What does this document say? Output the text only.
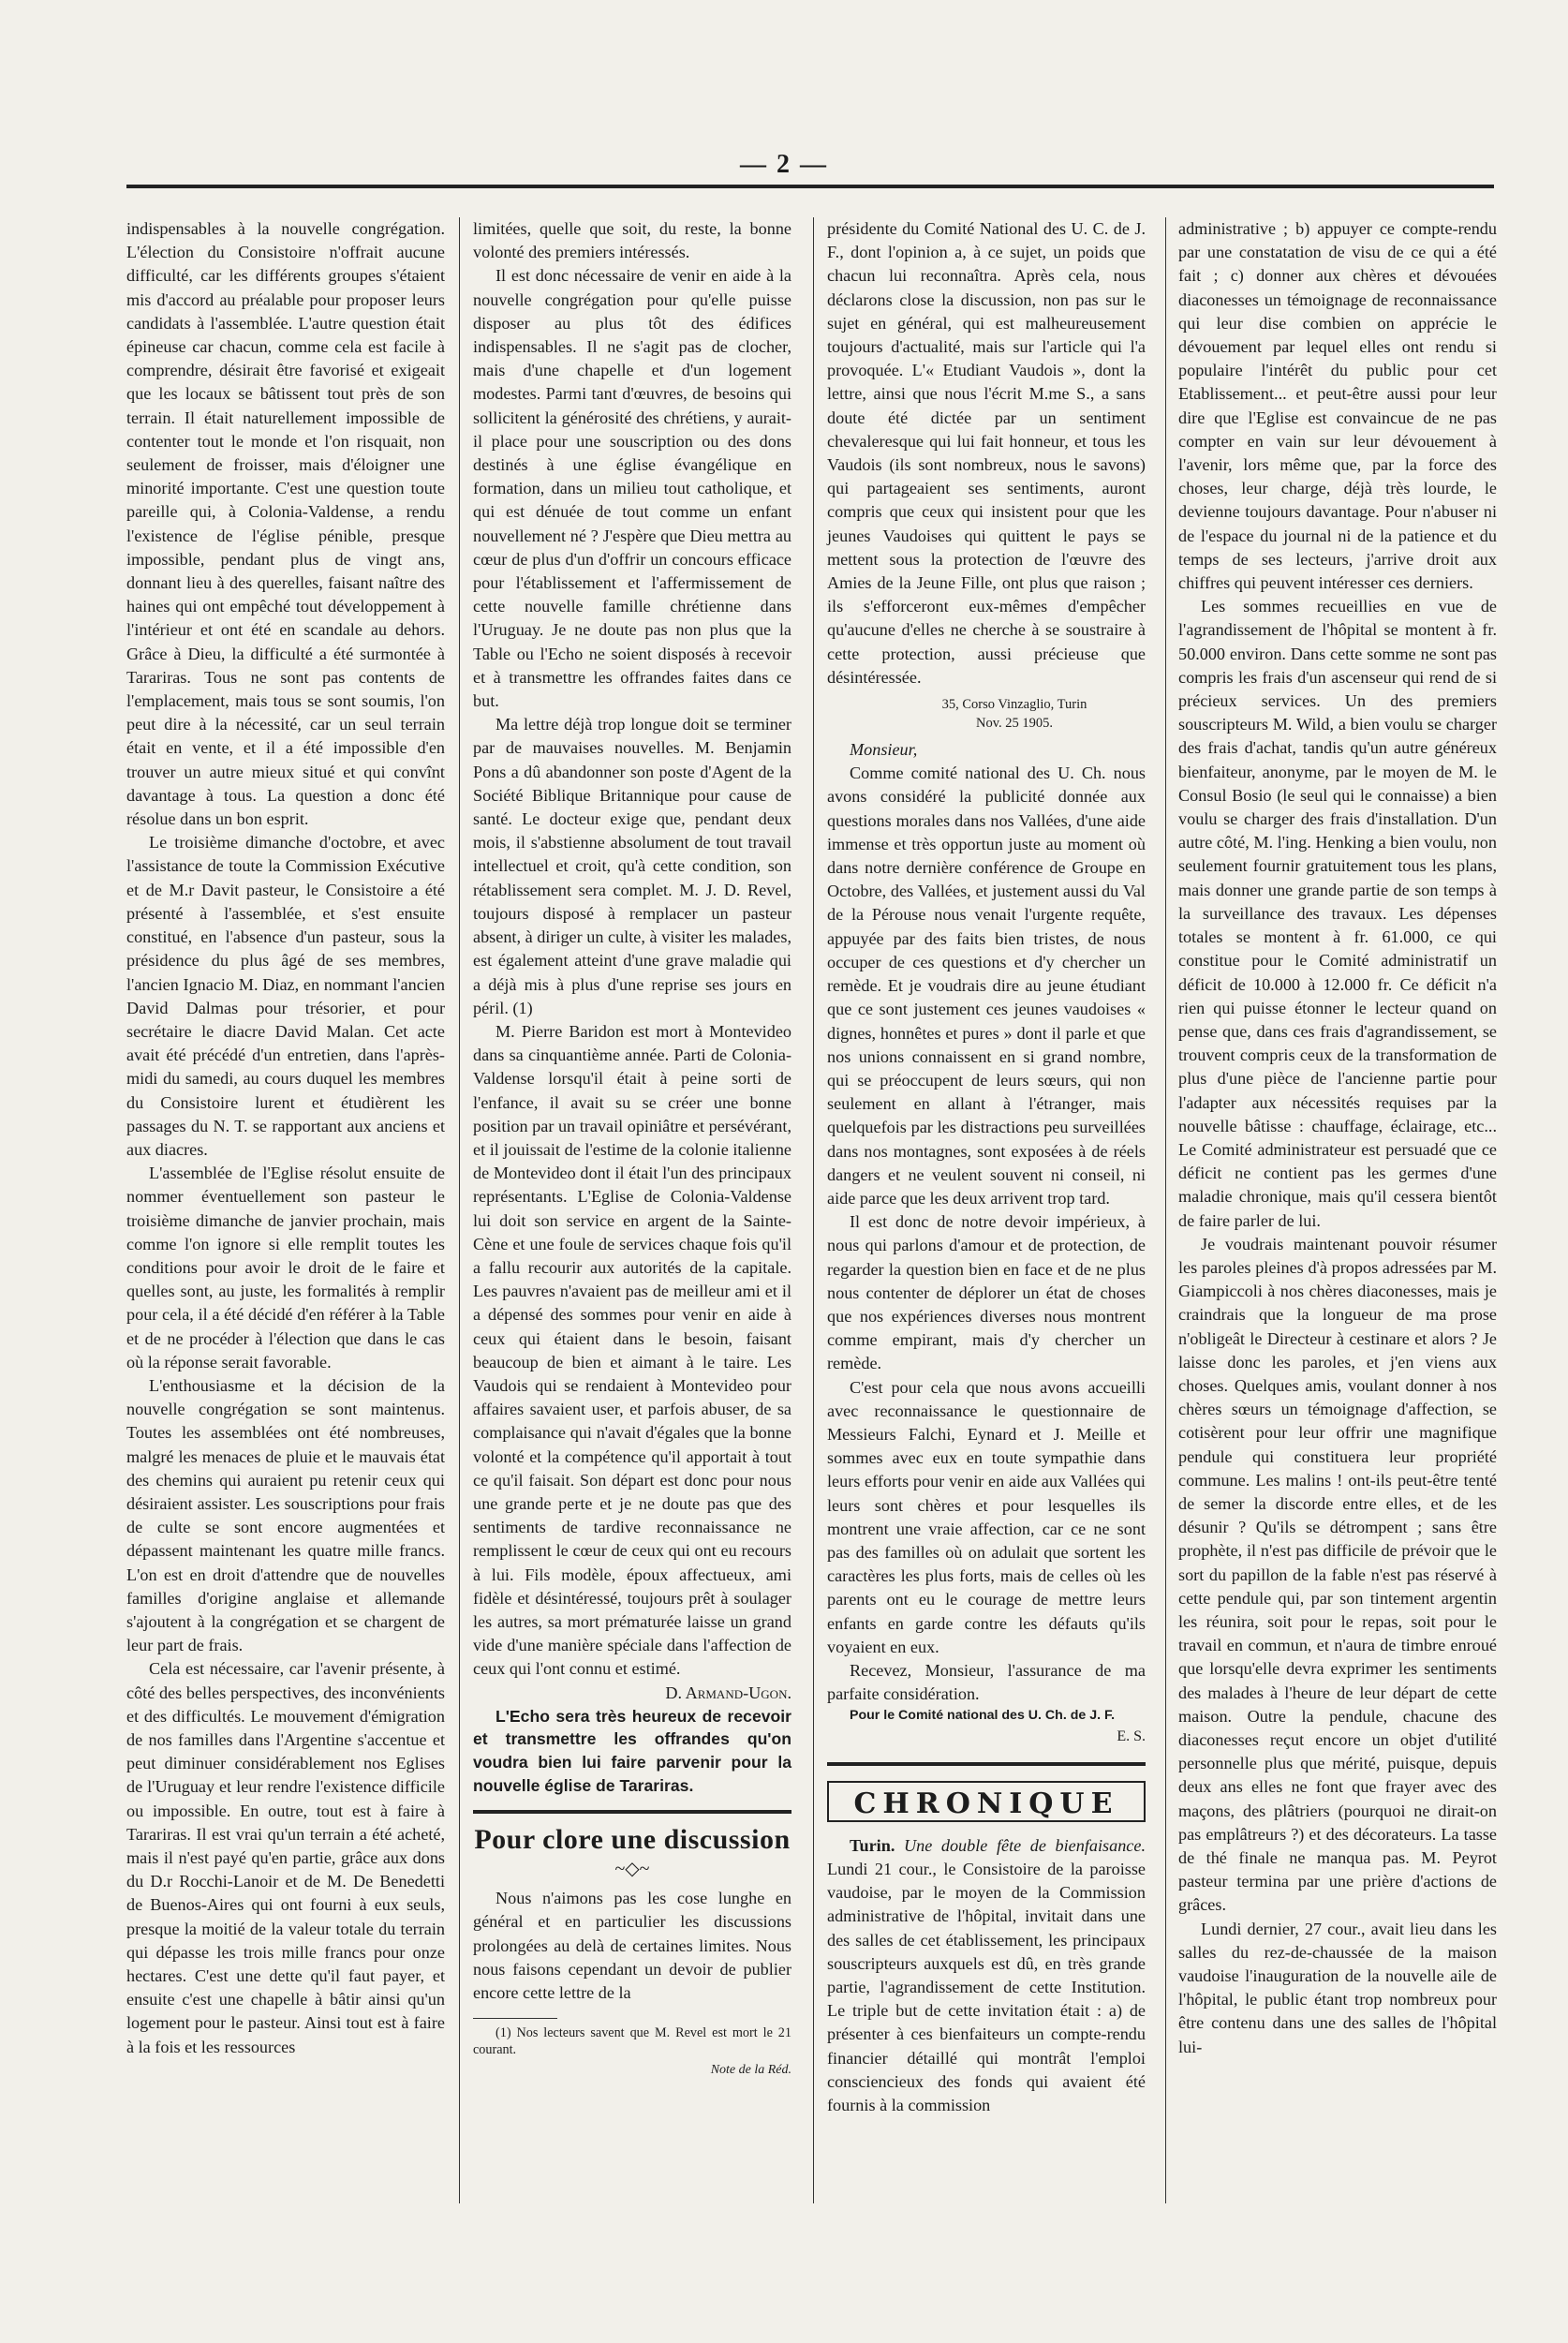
— 2 —

indispensables à la nouvelle congrégation. L'élection du Consistoire n'offrait aucune difficulté, car les différents groupes s'étaient mis d'accord au préalable pour proposer leurs candidats à l'assemblée. L'autre question était épineuse car chacun, comme cela est facile à comprendre, désirait être favorisé et exigeait que les locaux se bâtissent tout près de son terrain. Il était naturellement impossible de contenter tout le monde et l'on risquait, non seulement de froisser, mais d'éloigner une minorité importante. C'est une question toute pareille qui, à Colonia-Valdense, a rendu l'existence de l'église pénible, presque impossible, pendant plus de vingt ans, donnant lieu à des querelles, faisant naître des haines qui ont empêché tout développement à l'intérieur et ont été en scandale au dehors. Grâce à Dieu, la difficulté a été surmontée à Tarariras. Tous ne sont pas contents de l'emplacement, mais tous se sont soumis, l'on peut dire à la nécessité, car un seul terrain était en vente, et il a été impossible d'en trouver un autre mieux situé et qui convînt davantage à tous. La question a donc été résolue dans un bon esprit.

Le troisième dimanche d'octobre, et avec l'assistance de toute la Commission Exécutive et de M.r Davit pasteur, le Consistoire a été présenté à l'assemblée, et s'est ensuite constitué, en l'absence d'un pasteur, sous la présidence du plus âgé de ses membres, l'ancien Ignacio M. Diaz, en nommant l'ancien David Dalmas pour trésorier, et pour secrétaire le diacre David Malan. Cet acte avait été précédé d'un entretien, dans l'après-midi du samedi, au cours duquel les membres du Consistoire lurent et étudièrent les passages du N. T. se rapportant aux anciens et aux diacres.

L'assemblée de l'Eglise résolut ensuite de nommer éventuellement son pasteur le troisième dimanche de janvier prochain, mais comme l'on ignore si elle remplit toutes les conditions pour avoir le droit de le faire et quelles sont, au juste, les formalités à remplir pour cela, il a été décidé d'en référer à la Table et de ne procéder à l'élection que dans le cas où la réponse serait favorable.

L'enthousiasme et la décision de la nouvelle congrégation se sont maintenus. Toutes les assemblées ont été nombreuses, malgré les menaces de pluie et le mauvais état des chemins qui auraient pu retenir ceux qui désiraient assister. Les souscriptions pour frais de culte se sont encore augmentées et dépassent maintenant les quatre mille francs. L'on est en droit d'attendre que de nouvelles familles d'origine anglaise et allemande s'ajoutent à la congrégation et se chargent de leur part de frais.

Cela est nécessaire, car l'avenir présente, à côté des belles perspectives, des inconvénients et des difficultés. Le mouvement d'émigration de nos familles dans l'Argentine s'accentue et peut diminuer considérablement nos Eglises de l'Uruguay et leur rendre l'existence difficile ou impossible. En outre, tout est à faire à Tarariras. Il est vrai qu'un terrain a été acheté, mais il n'est payé qu'en partie, grâce aux dons du D.r Rocchi-Lanoir et de M. De Benedetti de Buenos-Aires qui ont fourni à eux seuls, presque la moitié de la valeur totale du terrain qui dépasse les trois mille francs pour onze hectares. C'est une dette qu'il faut payer, et ensuite c'est une chapelle à bâtir ainsi qu'un logement pour le pasteur. Ainsi tout est à faire à la fois et les ressources

limitées, quelle que soit, du reste, la bonne volonté des premiers intéressés.

Il est donc nécessaire de venir en aide à la nouvelle congrégation pour qu'elle puisse disposer au plus tôt des édifices indispensables. Il ne s'agit pas de clocher, mais d'une chapelle et d'un logement modestes. Parmi tant d'œuvres, de besoins qui sollicitent la générosité des chrétiens, y aurait-il place pour une souscription ou des dons destinés à une église évangélique en formation, dans un milieu tout catholique, et qui est dénuée de tout comme un enfant nouvellement né ? J'espère que Dieu mettra au cœur de plus d'un d'offrir un concours efficace pour l'établissement et l'affermissement de cette nouvelle famille chrétienne dans l'Uruguay. Je ne doute pas non plus que la Table ou l'Echo ne soient disposés à recevoir et à transmettre les offrandes faites dans ce but.

Ma lettre déjà trop longue doit se terminer par de mauvaises nouvelles. M. Benjamin Pons a dû abandonner son poste d'Agent de la Société Biblique Britannique pour cause de santé. Le docteur exige que, pendant deux mois, il s'abstienne absolument de tout travail intellectuel et croit, qu'à cette condition, son rétablissement sera complet. M. J. D. Revel, toujours disposé à remplacer un pasteur absent, à diriger un culte, à visiter les malades, est également atteint d'une grave maladie qui a déjà mis à plus d'une reprise ses jours en péril. (1)

M. Pierre Baridon est mort à Montevideo dans sa cinquantième année. Parti de Colonia-Valdense lorsqu'il était à peine sorti de l'enfance, il avait su se créer une bonne position par un travail opiniâtre et persévérant, et il jouissait de l'estime de la colonie italienne de Montevideo dont il était l'un des principaux représentants. L'Eglise de Colonia-Valdense lui doit son service en argent de la Sainte-Cène et une foule de services chaque fois qu'il a fallu recourir aux autorités de la capitale. Les pauvres n'avaient pas de meilleur ami et il a dépensé des sommes pour venir en aide à ceux qui étaient dans le besoin, faisant beaucoup de bien et aimant à le taire. Les Vaudois qui se rendaient à Montevideo pour affaires savaient user, et parfois abuser, de sa complaisance qui n'avait d'égales que la bonne volonté et la compétence qu'il apportait à tout ce qu'il faisait. Son départ est donc pour nous une grande perte et je ne doute pas que des sentiments de tardive reconnaissance ne remplissent le cœur de ceux qui ont eu recours à lui. Fils modèle, époux affectueux, ami fidèle et désintéressé, toujours prêt à soulager les autres, sa mort prématurée laisse un grand vide d'une manière spéciale dans l'affection de ceux qui l'ont connu et estimé.

D. Armand-Ugon.

L'Echo sera très heureux de recevoir et transmettre les offrandes qu'on voudra bien lui faire parvenir pour la nouvelle église de Tarariras.

Pour clore une discussion
~◇~

Nous n'aimons pas les cose lunghe en général et en particulier les discussions prolongées au delà de certaines limites. Nous nous faisons cependant un devoir de publier encore cette lettre de la

(1) Nos lecteurs savent que M. Revel est mort le 21 courant.

Note de la Réd.

présidente du Comité National des U. C. de J. F., dont l'opinion a, à ce sujet, un poids que chacun lui reconnaîtra. Après cela, nous déclarons close la discussion, non pas sur le sujet en général, qui est malheureusement toujours d'actualité, mais sur l'article qui l'a provoquée. L'« Etudiant Vaudois », dont la lettre, ainsi que nous l'écrit M.me S., a sans doute été dictée par un sentiment chevaleresque qui lui fait honneur, et tous les Vaudois (ils sont nombreux, nous le savons) qui partageaient ses sentiments, auront compris que ceux qui insistent pour que les jeunes Vaudoises qui quittent le pays se mettent sous la protection de l'œuvre des Amies de la Jeune Fille, ont plus que raison ; ils s'efforceront eux-mêmes d'empêcher qu'aucune d'elles ne cherche à se soustraire à cette protection, aussi précieuse que désintéressée.

35, Corso Vinzaglio, Turin
Nov. 25 1905.

Monsieur,

Comme comité national des U. Ch. nous avons considéré la publicité donnée aux questions morales dans nos Vallées, d'une aide immense et très opportun juste au moment où dans notre dernière conférence de Groupe en Octobre, des Vallées, et justement aussi du Val de la Pérouse nous venait l'urgente requête, appuyée par des faits bien tristes, de nous occuper de ces questions et d'y chercher un remède. Et je voudrais dire au jeune étudiant que ce sont justement ces jeunes vaudoises « dignes, honnêtes et pures » dont il parle et que nos unions connaissent en si grand nombre, qui se préoccupent de leurs sœurs, qui non seulement en allant à l'étranger, mais quelquefois par les distractions peu surveillées dans nos montagnes, sont exposées à de réels dangers et ne veulent souvent ni conseil, ni aide parce que les deux arrivent trop tard.

Il est donc de notre devoir impérieux, à nous qui parlons d'amour et de protection, de regarder la question bien en face et de ne plus nous contenter de déplorer un état de choses que nos expériences diverses nous montrent comme empirant, mais d'y chercher un remède.

C'est pour cela que nous avons accueilli avec reconnaissance le questionnaire de Messieurs Falchi, Eynard et J. Meille et sommes avec eux en toute sympathie dans leurs efforts pour venir en aide aux Vallées qui leurs sont chères et pour lesquelles ils montrent une vraie affection, car ce ne sont pas des familles où on adulait que sortent les caractères les plus forts, mais de celles où les parents ont eu le courage de mettre leurs enfants en garde contre les défauts qu'ils voyaient en eux.

Recevez, Monsieur, l'assurance de ma parfaite considération.

Pour le Comité national des U. Ch. de J. F.

E. S.

CHRONIQUE

Turin. Une double fête de bienfaisance. Lundi 21 cour., le Consistoire de la paroisse vaudoise, par le moyen de la Commission administrative de l'hôpital, invitait dans une des salles de cet établissement, les principaux souscripteurs auxquels est dû, en très grande partie, l'agrandissement de cette Institution. Le triple but de cette invitation était : a) de présenter à ces bienfaiteurs un compte-rendu financier détaillé qui montrât l'emploi consciencieux des fonds qui avaient été fournis à la commission

administrative ; b) appuyer ce compte-rendu par une constatation de visu de ce qui a été fait ; c) donner aux chères et dévouées diaconesses un témoignage de reconnaissance qui leur dise combien on apprécie le dévouement par lequel elles ont rendu si populaire l'intérêt du public pour cet Etablissement... et peut-être aussi pour leur dire que l'Eglise est convaincue de ne pas compter en vain sur leur dévouement à l'avenir, lors même que, par la force des choses, leur charge, déjà très lourde, le devienne toujours davantage. Pour n'abuser ni de l'espace du journal ni de la patience et du temps de ses lecteurs, j'arrive droit aux chiffres qui peuvent intéresser ces derniers.

Les sommes recueillies en vue de l'agrandissement de l'hôpital se montent à fr. 50.000 environ. Dans cette somme ne sont pas compris les frais d'un ascenseur qui rend de si précieux services. Un des premiers souscripteurs M. Wild, a bien voulu se charger des frais d'achat, tandis qu'un autre généreux bienfaiteur, anonyme, par le moyen de M. le Consul Bosio (le seul qui le connaisse) a bien voulu se charger des frais d'installation. D'un autre côté, M. l'ing. Henking a bien voulu, non seulement fournir gratuitement tous les plans, mais donner une grande partie de son temps à la surveillance des travaux. Les dépenses totales se montent à fr. 61.000, ce qui constitue pour le Comité administratif un déficit de 10.000 à 12.000 fr. Ce déficit n'a rien qui puisse étonner le lecteur quand on pense que, dans ces frais d'agrandissement, se trouvent compris ceux de la transformation de plus d'une pièce de l'ancienne partie pour l'adapter aux nécessités requises par la nouvelle bâtisse : chauffage, éclairage, etc... Le Comité administrateur est persuadé que ce déficit ne contient pas les germes d'une maladie chronique, mais qu'il cessera bientôt de faire parler de lui.

Je voudrais maintenant pouvoir résumer les paroles pleines d'à propos adressées par M. Giampiccoli à nos chères diaconesses, mais je craindrais que la longueur de ma prose n'obligeât le Directeur à cestinare et alors ? Je laisse donc les paroles, et j'en viens aux choses. Quelques amis, voulant donner à nos chères sœurs un témoignage d'affection, se cotisèrent pour leur offrir une magnifique pendule qui constituera leur propriété commune. Les malins ! ont-ils peut-être tenté de semer la discorde entre elles, et de les désunir ? Qu'ils se détrompent ; sans être prophète, il n'est pas difficile de prévoir que le sort du papillon de la fable n'est pas réservé à cette pendule qui, par son tintement argentin les réunira, soit pour le repas, soit pour le travail en commun, et n'aura de timbre enroué que lorsqu'elle devra exprimer les sentiments des malades à l'heure de leur départ de cette maison. Outre la pendule, chacune des diaconesses reçut encore un objet d'utilité personnelle plus que mérité, puisque, depuis deux ans elles ne font que frayer avec des maçons, des plâtriers (pourquoi ne dirait-on pas emplâtreurs ?) et des décorateurs. La tasse de thé finale ne manqua pas. M. Peyrot pasteur termina par une prière d'actions de grâces.

Lundi dernier, 27 cour., avait lieu dans les salles du rez-de-chaussée de la maison vaudoise l'inauguration de la nouvelle aile de l'hôpital, le public étant trop nombreux pour être contenu dans une des salles de l'hôpital lui-
